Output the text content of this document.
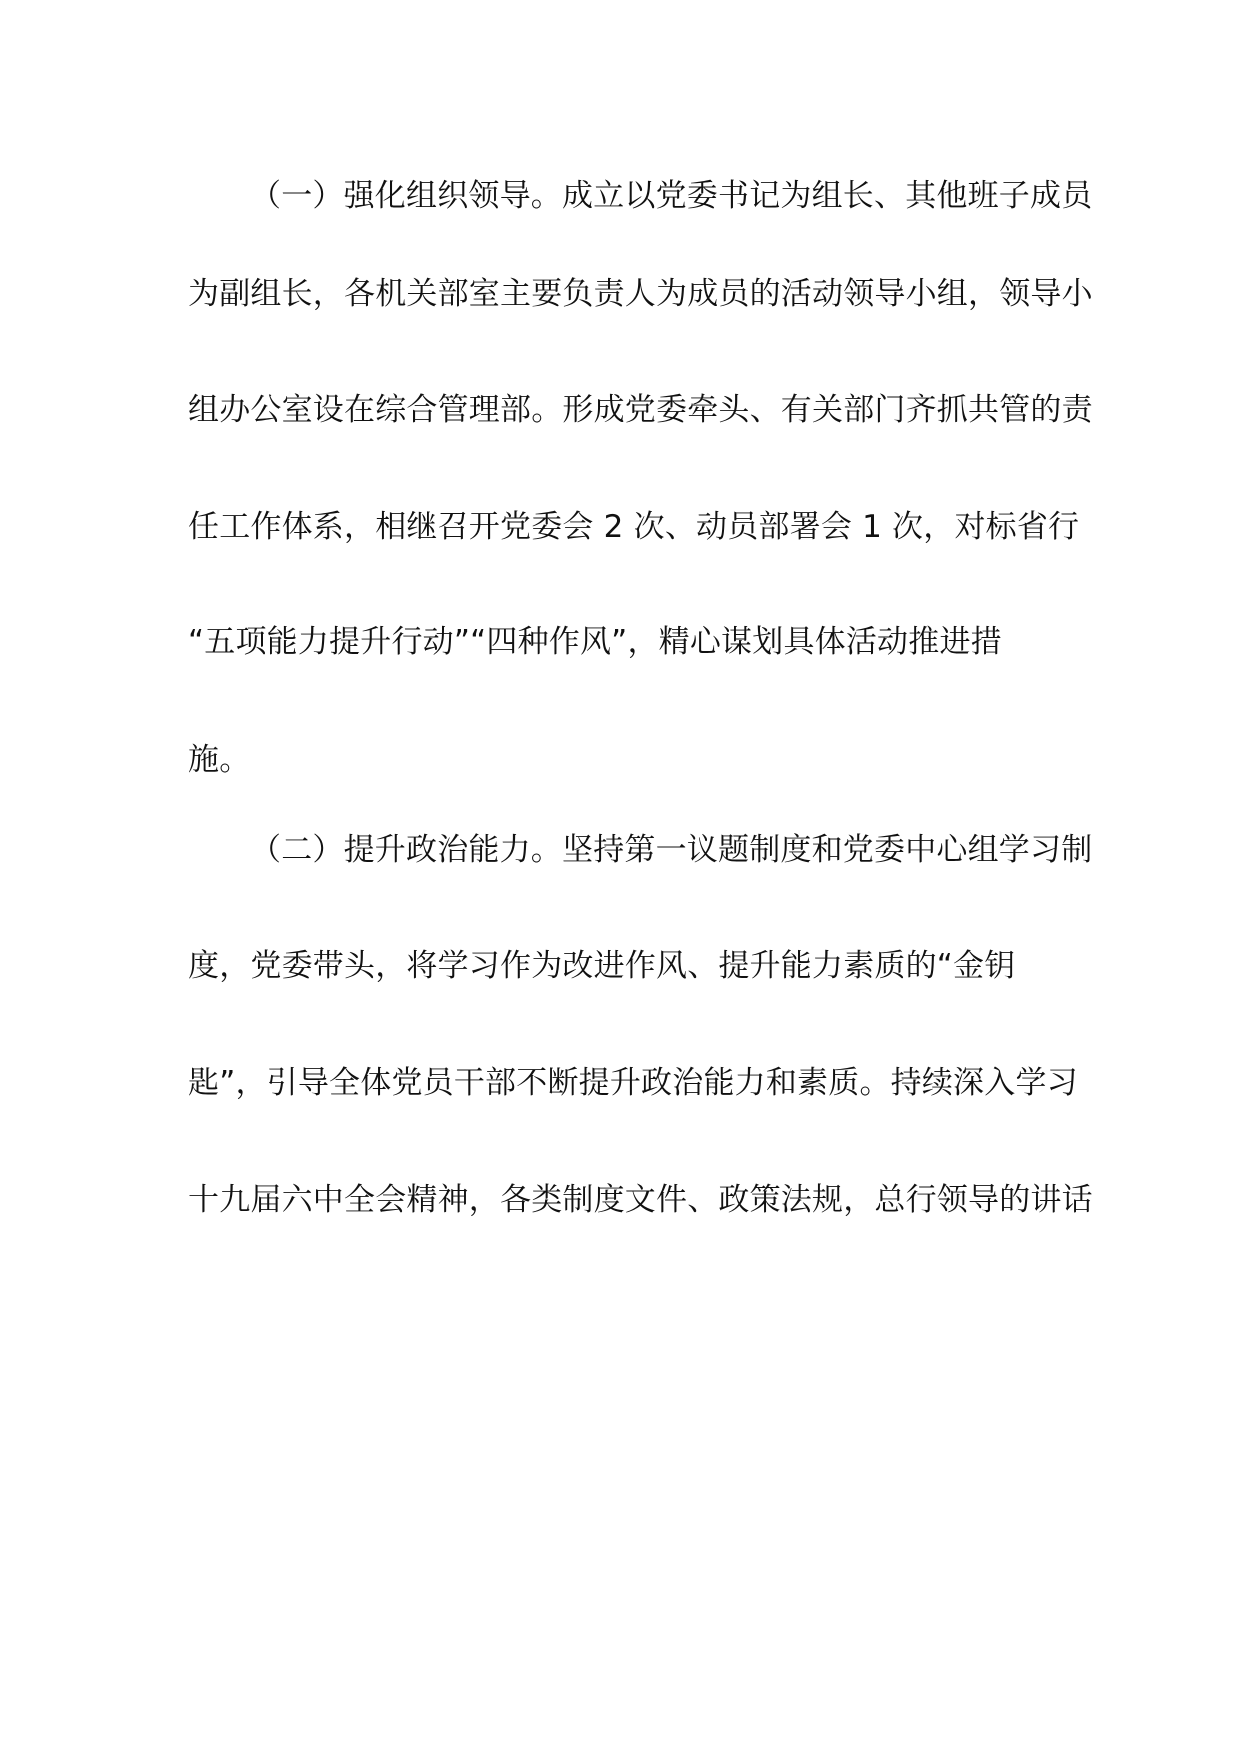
（一）强化组织领导。成立以党委书记为组长、其他班子成员

为副组长，各机关部室主要负责人为成员的活动领导小组，领导小

组办公室设在综合管理部。形成党委牵头、有关部门齐抓共管的责

任工作体系，相继召开党委会 2 次、动员部署会 1 次，对标省行

“五项能力提升行动”“四种作风”，精心谋划具体活动推进措

施。

（二）提升政治能力。坚持第一议题制度和党委中心组学习制

度，党委带头，将学习作为改进作风、提升能力素质的“金钥

匙”，引导全体党员干部不断提升政治能力和素质。持续深入学习

十九届六中全会精神，各类制度文件、政策法规，总行领导的讲话
